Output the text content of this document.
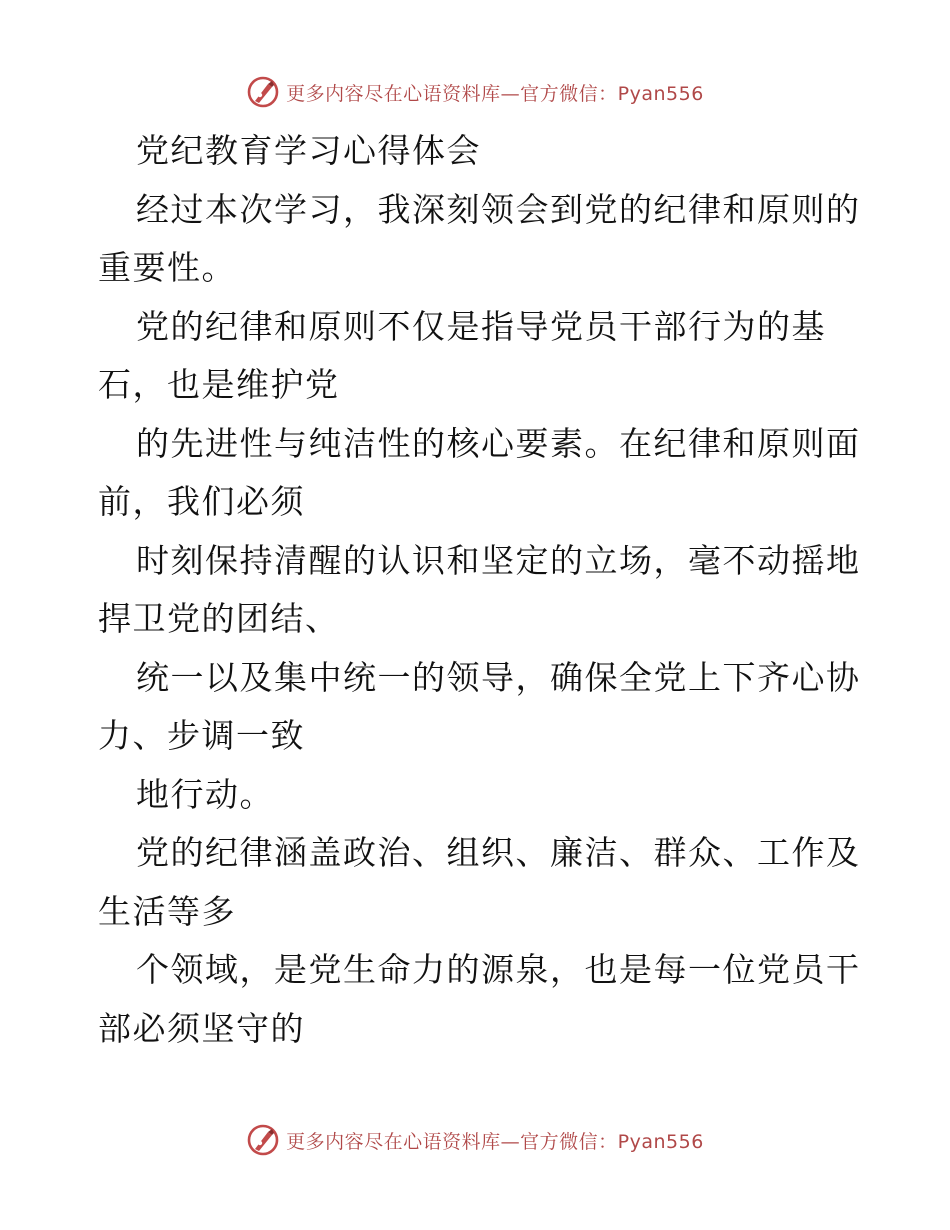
更多内容尽在心语资料库—官方微信：Pyan556
党纪教育学习心得体会
经过本次学习，我深刻领会到党的纪律和原则的
重要性。
党的纪律和原则不仅是指导党员干部行为的基
石，也是维护党
的先进性与纯洁性的核心要素。在纪律和原则面
前，我们必须
时刻保持清醒的认识和坚定的立场，毫不动摇地
捍卫党的团结、
统一以及集中统一的领导，确保全党上下齐心协
力、步调一致
地行动。
党的纪律涵盖政治、组织、廉洁、群众、工作及
生活等多
个领域，是党生命力的源泉，也是每一位党员干
部必须坚守的
更多内容尽在心语资料库—官方微信：Pyan556
